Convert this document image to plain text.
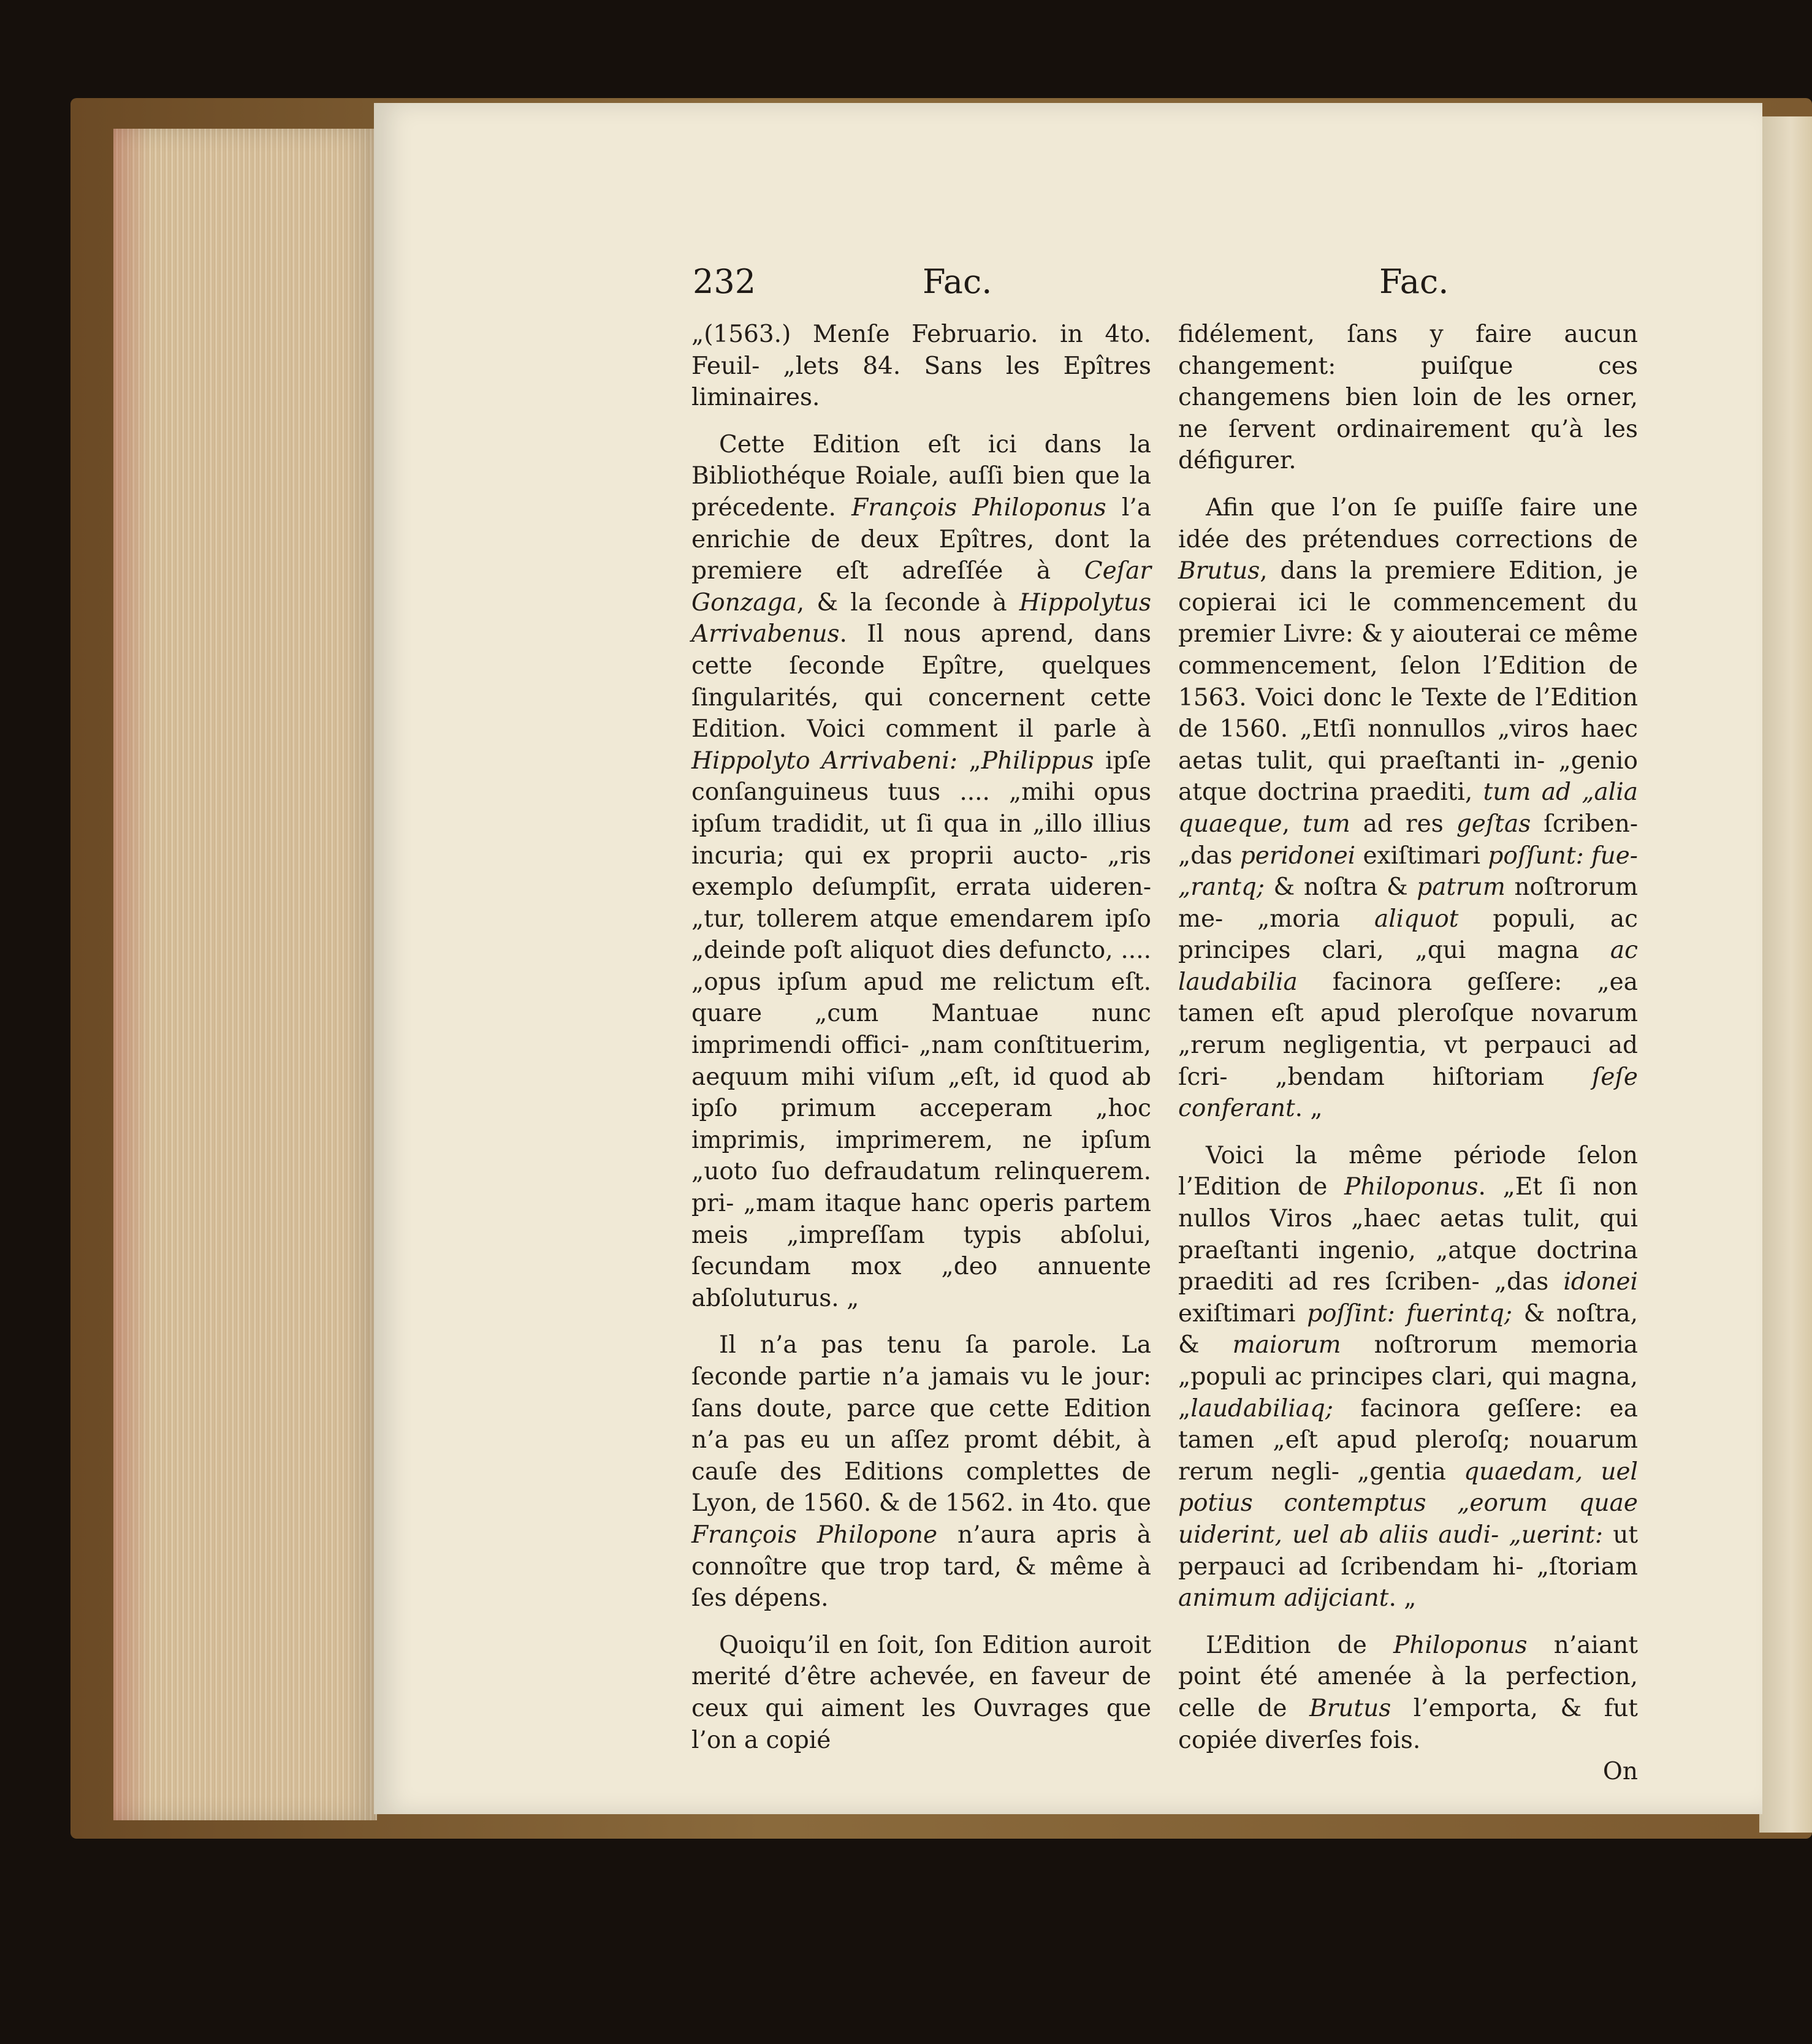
232	Fac.	Fac.

„(1563.) Menſe Februario. in 4to. Feuil- „lets 84. Sans les Epîtres liminaires.

Cette Edition eſt ici dans la Bibliothéque Roiale, auſſi bien que la précedente. François Philoponus l’a enrichie de deux Epîtres, dont la premiere eſt adreſſée à Ceſar Gonzaga, & la ſeconde à Hippolytus Arrivabenus. Il nous aprend, dans cette ſeconde Epître, quelques ſingularités, qui concernent cette Edition. Voici comment il parle à Hippolyto Arrivabeni: „Philippus ipſe conſanguineus tuus .... „mihi opus ipſum tradidit, ut ſi qua in „illo illius incuria; qui ex proprii aucto- „ris exemplo deſumpſit, errata uideren- „tur, tollerem atque emendarem ipſo „deinde poſt aliquot dies defuncto, .... „opus ipſum apud me relictum eſt. quare „cum Mantuae nunc imprimendi offici- „nam conſtituerim, aequum mihi viſum „eſt, id quod ab ipſo primum acceperam „hoc imprimis, imprimerem, ne ipſum „uoto ſuo defraudatum relinquerem. pri- „mam itaque hanc operis partem meis „impreſſam typis abſolui, ſecundam mox „deo annuente abſoluturus. „

Il n’a pas tenu ſa parole. La ſeconde partie n’a jamais vu le jour: ſans doute, parce que cette Edition n’a pas eu un aſſez promt débit, à cauſe des Editions complettes de Lyon, de 1560. & de 1562. in 4to. que François Philopone n’aura apris à connoître que trop tard, & même à ſes dépens.

Quoiqu’il en ſoit, ſon Edition auroit merité d’être achevée, en faveur de ceux qui aiment les Ouvrages que l’on a copié

fidélement, ſans y faire aucun changement: puiſque ces changemens bien loin de les orner, ne ſervent ordinairement qu’à les défigurer.

Afin que l’on ſe puiſſe faire une idée des prétendues corrections de Brutus, dans la premiere Edition, je copierai ici le commencement du premier Livre: & y aiouterai ce même commencement, ſelon l’Edition de 1563. Voici donc le Texte de l’Edition de 1560. „Etſi nonnullos „viros haec aetas tulit, qui praeſtanti in- „genio atque doctrina praediti, tum ad „alia quaeque, tum ad res geſtas ſcriben- „das peridonei exiſtimari poſſunt: fue- „rantq; & noſtra & patrum noſtrorum me- „moria aliquot populi, ac principes clari, „qui magna ac laudabilia facinora geſſere: „ea tamen eſt apud pleroſque novarum „rerum negligentia, vt perpauci ad ſcri- „bendam hiſtoriam ſeſe conferant. „

Voici la même période ſelon l’Edition de Philoponus. „Et ſi non nullos Viros „haec aetas tulit, qui praeſtanti ingenio, „atque doctrina praediti ad res ſcriben- „das idonei exiſtimari poſſint: fuerintq; & noſtra, & maiorum noſtrorum memoria „populi ac principes clari, qui magna, „laudabiliaq; facinora geſſere: ea tamen „eſt apud pleroſq; nouarum rerum negli- „gentia quaedam, uel potius contemptus „eorum quae uiderint, uel ab aliis audi- „uerint: ut perpauci ad ſcribendam hi- „ſtoriam animum adijciant. „

L’Edition de Philoponus n’aiant point été amenée à la perfection, celle de Brutus l’emporta, & fut copiée diverſes fois.

On
